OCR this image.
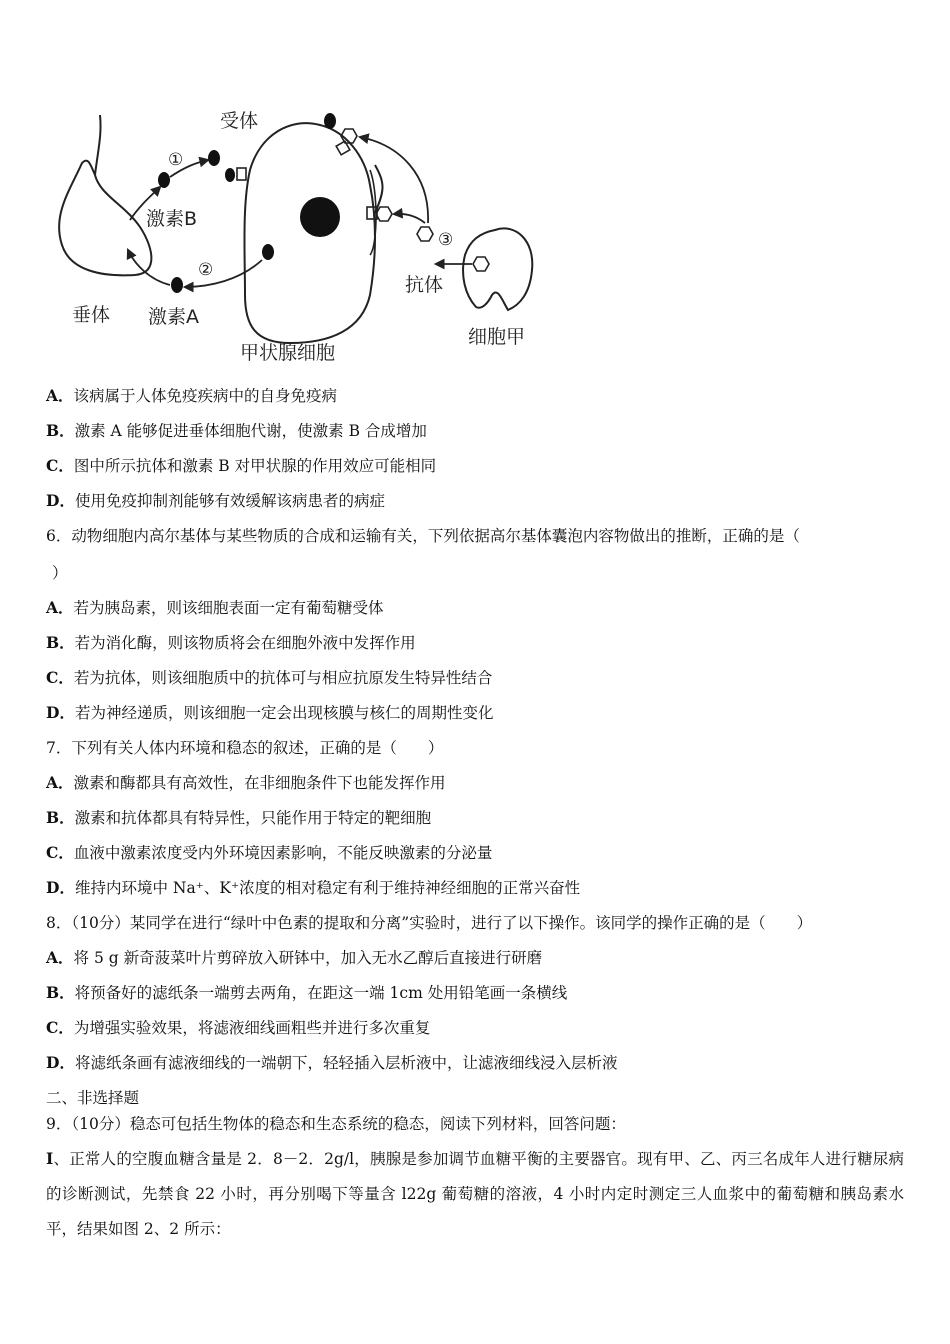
受体
①
激素B
②
垂体 激素A
甲状腺细胞
③
抗体
细胞甲
A．该病属于人体免疫疾病中的自身免疫病
B．激素 A 能够促进垂体细胞代谢，使激素 B 合成增加
C．图中所示抗体和激素 B 对甲状腺的作用效应可能相同
D．使用免疫抑制剂能够有效缓解该病患者的病症
6．动物细胞内高尔基体与某些物质的合成和运输有关，下列依据高尔基体囊泡内容物做出的推断，正确的是（
）
A．若为胰岛素，则该细胞表面一定有葡萄糖受体
B．若为消化酶，则该物质将会在细胞外液中发挥作用
C．若为抗体，则该细胞质中的抗体可与相应抗原发生特异性结合
D．若为神经递质，则该细胞一定会出现核膜与核仁的周期性变化
7．下列有关人体内环境和稳态的叙述，正确的是（　　）
A．激素和酶都具有高效性，在非细胞条件下也能发挥作用
B．激素和抗体都具有特异性，只能作用于特定的靶细胞
C．血液中激素浓度受内外环境因素影响，不能反映激素的分泌量
D．维持内环境中 Na⁺、K⁺浓度的相对稳定有利于维持神经细胞的正常兴奋性
8．（10分）某同学在进行“绿叶中色素的提取和分离”实验时，进行了以下操作。该同学的操作正确的是（　　）
A．将 5 g 新奇菠菜叶片剪碎放入研钵中，加入无水乙醇后直接进行研磨
B．将预备好的滤纸条一端剪去两角，在距这一端 1cm 处用铅笔画一条横线
C．为增强实验效果，将滤液细线画粗些并进行多次重复
D．将滤纸条画有滤液细线的一端朝下，轻轻插入层析液中，让滤液细线浸入层析液
二、非选择题
9．（10分）稳态可包括生物体的稳态和生态系统的稳态，阅读下列材料，回答问题：
I、正常人的空腹血糖含量是 2．8－2．2g/l，胰腺是参加调节血糖平衡的主要器官。现有甲、乙、丙三名成年人进行糖尿病的诊断测试，先禁食 22 小时，再分别喝下等量含 l22g 葡萄糖的溶液，4 小时内定时测定三人血浆中的葡萄糖和胰岛素水平，结果如图 2、2 所示：
